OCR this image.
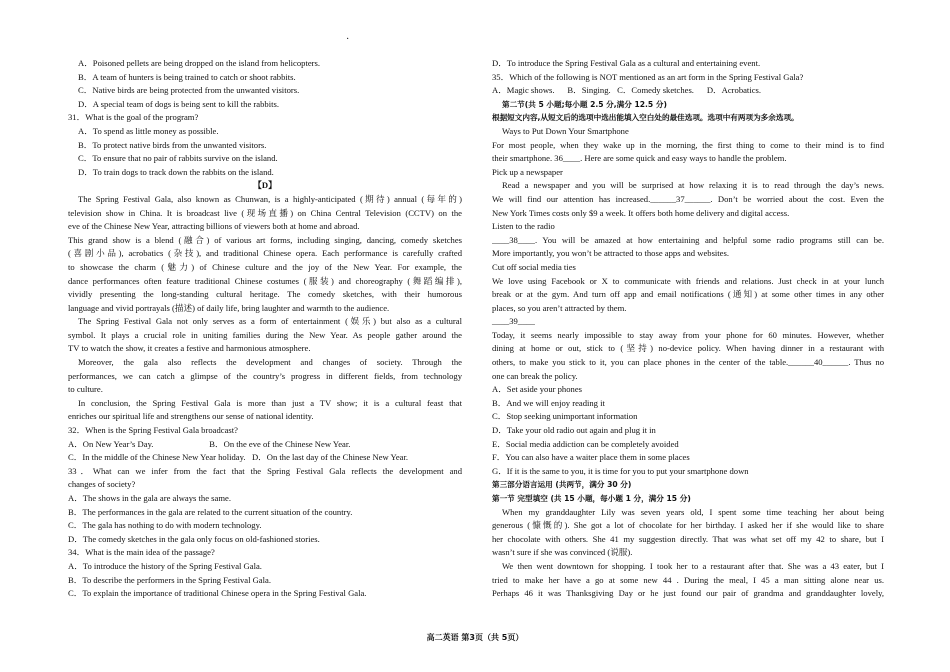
·
A．Poisoned pellets are being dropped on the island from helicopters.
B．A team of hunters is being trained to catch or shoot rabbits.
C．Native birds are being protected from the unwanted visitors.
D．A special team of dogs is being sent to kill the rabbits.
31．What is the goal of the program?
A．To spend as little money as possible.
B．To protect native birds from the unwanted visitors.
C．To ensure that no pair of rabbits survive on the island.
D．To train dogs to track down the rabbits on the island.
【D】
The Spring Festival Gala, also known as Chunwan, is a highly-anticipated (期待) annual (每年的)
television show in China. It is broadcast live (现场直播) on China Central Television (CCTV) on the
eve of the Chinese New Year, attracting billions of viewers both at home and abroad.
This grand show is a blend (融合) of various art forms, including singing, dancing, comedy sketches
(喜剧小品), acrobatics (杂技), and traditional Chinese opera. Each performance is carefully crafted
to showcase the charm (魅力) of Chinese culture and the joy of the New Year. For example, the
dance performances often feature traditional Chinese costumes (服装) and choreography (舞蹈编排),
vividly presenting the long-standing cultural heritage. The comedy sketches, with their humorous
language and vivid portrayals (描述) of daily life, bring laughter and warmth to the audience.
The Spring Festival Gala not only serves as a form of entertainment (娱乐) but also as a cultural
symbol. It plays a crucial role in uniting families during the New Year. As people gather around the
TV to watch the show, it creates a festive and harmonious atmosphere.
Moreover, the gala also reflects the development and changes of society. Through the
performances, we can catch a glimpse of the country’s progress in different fields, from technology
to culture.
In conclusion, the Spring Festival Gala is more than just a TV show; it is a cultural feast that
enriches our spiritual life and strengthens our sense of national identity.
32．When is the Spring Festival Gala broadcast?
A．On New Year’s Day.                          B．On the eve of the Chinese New Year.
C．In the middle of the Chinese New Year holiday.   D．On the last day of the Chinese New Year.
33．What can we infer from the fact that the Spring Festival Gala reflects the development and
changes of society?
A．The shows in the gala are always the same.
B．The performances in the gala are related to the current situation of the country.
C．The gala has nothing to do with modern technology.
D．The comedy sketches in the gala only focus on old-fashioned stories.
34．What is the main idea of the passage?
A．To introduce the history of the Spring Festival Gala.
B．To describe the performers in the Spring Festival Gala.
C．To explain the importance of traditional Chinese opera in the Spring Festival Gala.
D．To introduce the Spring Festival Gala as a cultural and entertaining event.
35．Which of the following is NOT mentioned as an art form in the Spring Festival Gala?
A．Magic shows.      B．Singing.   C．Comedy sketches.      D．Acrobatics.
第二节(共 5 小题;每小题 2.5 分,满分 12.5 分)
根据短文内容,从短文后的选项中选出能填入空白处的最佳选项。选项中有两项为多余选项。
Ways to Put Down Your Smartphone
For most people, when they wake up in the morning, the first thing to come to their mind is to find
their smartphone. 36____. Here are some quick and easy ways to handle the problem.
Pick up a newspaper
Read a newspaper and you will be surprised at how relaxing it is to read through the day’s news.
We will find our attention has increased.______37______. Don’t be worried about the cost. Even the
New York Times costs only $9 a week. It offers both home delivery and digital access.
Listen to the radio
____38____. You will be amazed at how entertaining and helpful some radio programs still can be.
More importantly, you won’t be attracted to those apps and websites.
Cut off social media ties
We love using Facebook or X to communicate with friends and relations. Just check in at your lunch
break or at the gym. And turn off app and email notifications (通知) at some other times in any other
places, so you aren’t attracted by them.
____39____
Today, it seems nearly impossible to stay away from your phone for 60 minutes. However, whether
dining at home or out, stick to (坚持) no-device policy. When having dinner in a restaurant with
others, to make you stick to it, you can place phones in the center of the table.______40______. Thus no
one can break the policy.
A．Set aside your phones
B．And we will enjoy reading it
C．Stop seeking unimportant information
D．Take your old radio out again and plug it in
E．Social media addiction can be completely avoided
F．You can also have a waiter place them in some places
G．If it is the same to you, it is time for you to put your smartphone down
第三部分语言运用 (共两节，满分 30 分)
第一节 完型填空 (共 15 小题，每小题 1 分，满分 15 分)
When my granddaughter Lily was seven years old, I spent some time teaching her about being
generous (慷慨的). She got a lot of chocolate for her birthday. I asked her if she would like to share
her chocolate with others. She 41 my suggestion directly. That was what set off my 42 to share, but I
wasn’t sure if she was convinced (说服).
We then went downtown for shopping. I took her to a restaurant after that. She was a 43 eater, but I
tried to make her have a go at some new 44 . During the meal, I 45 a man sitting alone near us.
Perhaps 46 it was Thanksgiving Day or he just found our pair of grandma and granddaughter lovely,
高二英语 第3页（共 5页）
